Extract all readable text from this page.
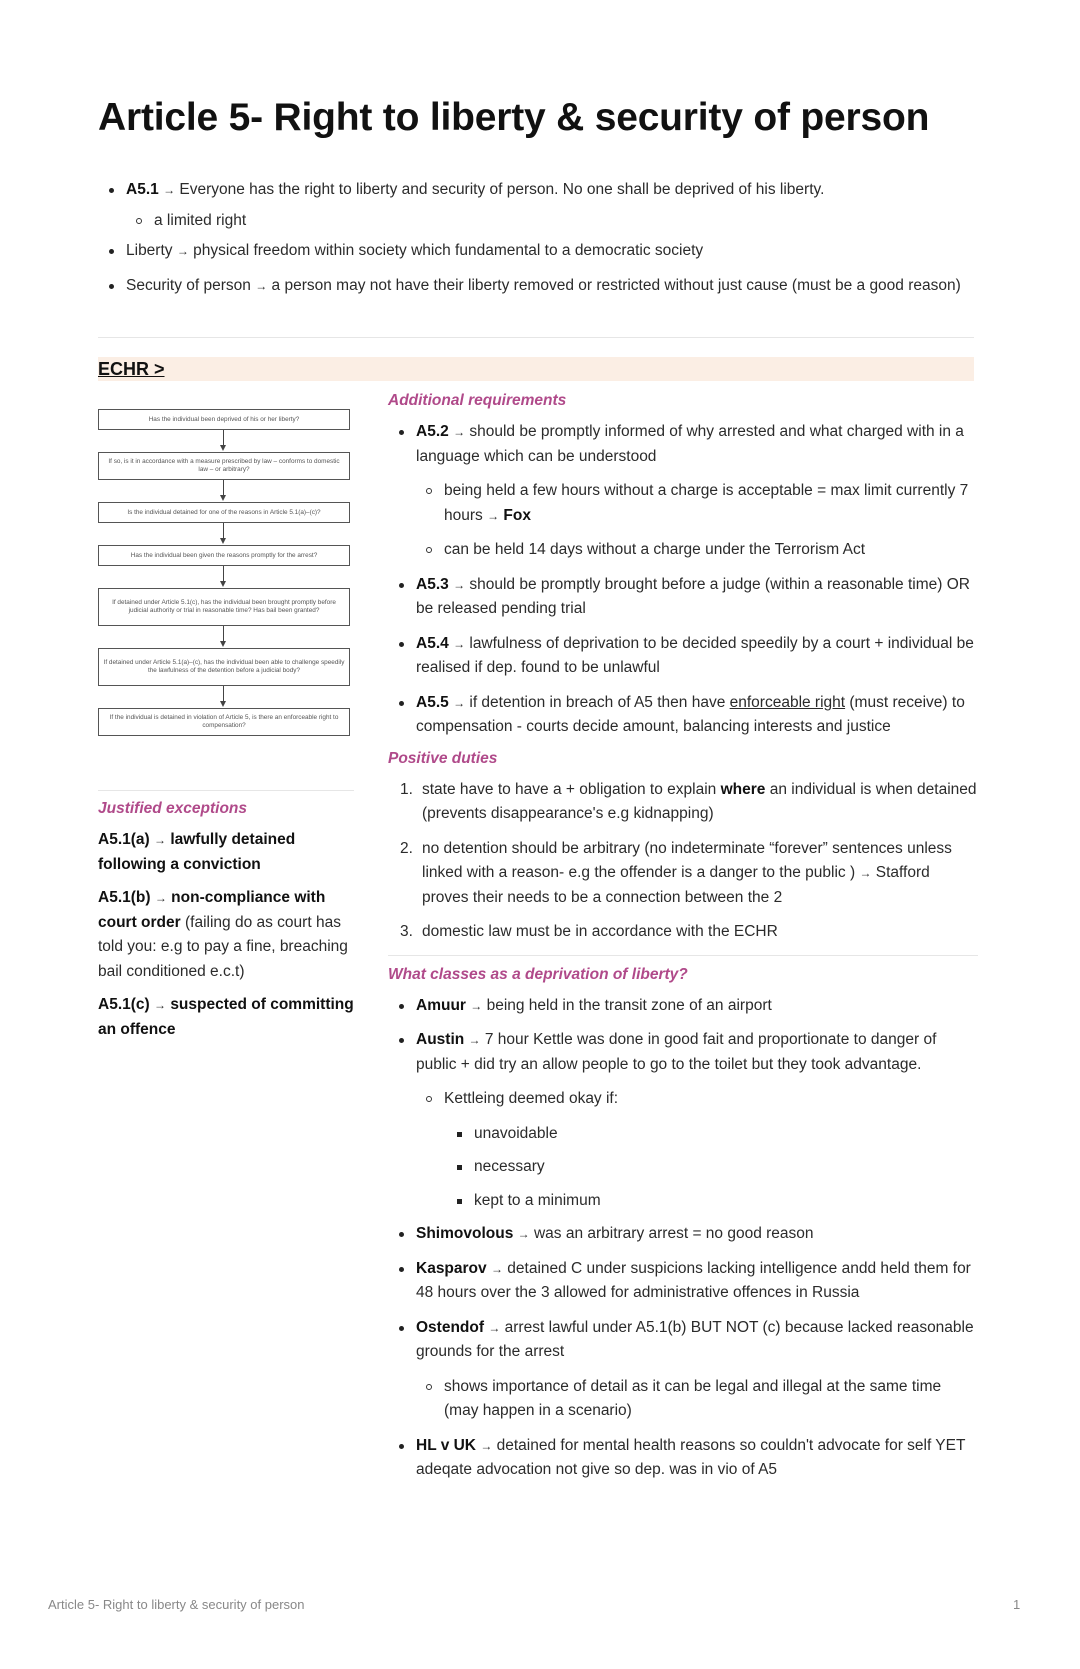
Article 5- Right to liberty & security of person
A5.1 → Everyone has the right to liberty and security of person. No one shall be deprived of his liberty.
a limited right
Liberty → physical freedom within society which fundamental to a democratic society
Security of person → a person may not have their liberty removed or restricted without just cause (must be a good reason)
ECHR >
Has the individual been deprived of his or her liberty?
If so, is it in accordance with a measure prescribed by law – conforms to domestic law – or arbitrary?
Is the individual detained for one of the reasons in Article 5.1(a)–(c)?
Has the individual been given the reasons promptly for the arrest?
If detained under Article 5.1(c), has the individual been brought promptly before judicial authority or trial in reasonable time? Has bail been granted?
If detained under Article 5.1(a)–(c), has the individual been able to challenge speedily the lawfulness of the detention before a judicial body?
If the individual is detained in violation of Article 5, is there an enforceable right to compensation?
Justified exceptions
A5.1(a) → lawfully detained following a conviction
A5.1(b) → non-compliance with court order (failing do as court has told you: e.g to pay a fine, breaching bail conditioned e.c.t)
A5.1(c) → suspected of committing an offence
Additional requirements
A5.2 → should be promptly informed of why arrested and what charged with in a language which can be understood
being held a few hours without a charge is acceptable = max limit currently 7 hours → Fox
can be held 14 days without a charge under the Terrorism Act
A5.3 → should be promptly brought before a judge (within a reasonable time) OR be released pending trial
A5.4 → lawfulness of deprivation to be decided speedily by a court + individual be realised if dep. found to be unlawful
A5.5 → if detention in breach of A5 then have enforceable right (must receive) to compensation - courts decide amount, balancing interests and justice
Positive duties
1. state have to have a + obligation to explain where an individual is when detained (prevents disappearance's e.g kidnapping)
2. no detention should be arbitrary (no indeterminate “forever” sentences unless linked with a reason- e.g the offender is a danger to the public ) → Stafford proves their needs to be a connection between the 2
3. domestic law must be in accordance with the ECHR
What classes as a deprivation of liberty?
Amuur → being held in the transit zone of an airport
Austin → 7 hour Kettle was done in good fait and proportionate to danger of public + did try an allow people to go to the toilet but they took advantage.
Kettleing deemed okay if:
unavoidable
necessary
kept to a minimum
Shimovolous → was an arbitrary arrest = no good reason
Kasparov → detained C under suspicions lacking intelligence andd held them for 48 hours over the 3 allowed for administrative offences in Russia
Ostendof → arrest lawful under A5.1(b) BUT NOT (c) because lacked reasonable grounds for the arrest
shows importance of detail as it can be legal and illegal at the same time (may happen in a scenario)
HL v UK → detained for mental health reasons so couldn't advocate for self YET adeqate advocation not give so dep. was in vio of A5
Article 5- Right to liberty & security of person	1
